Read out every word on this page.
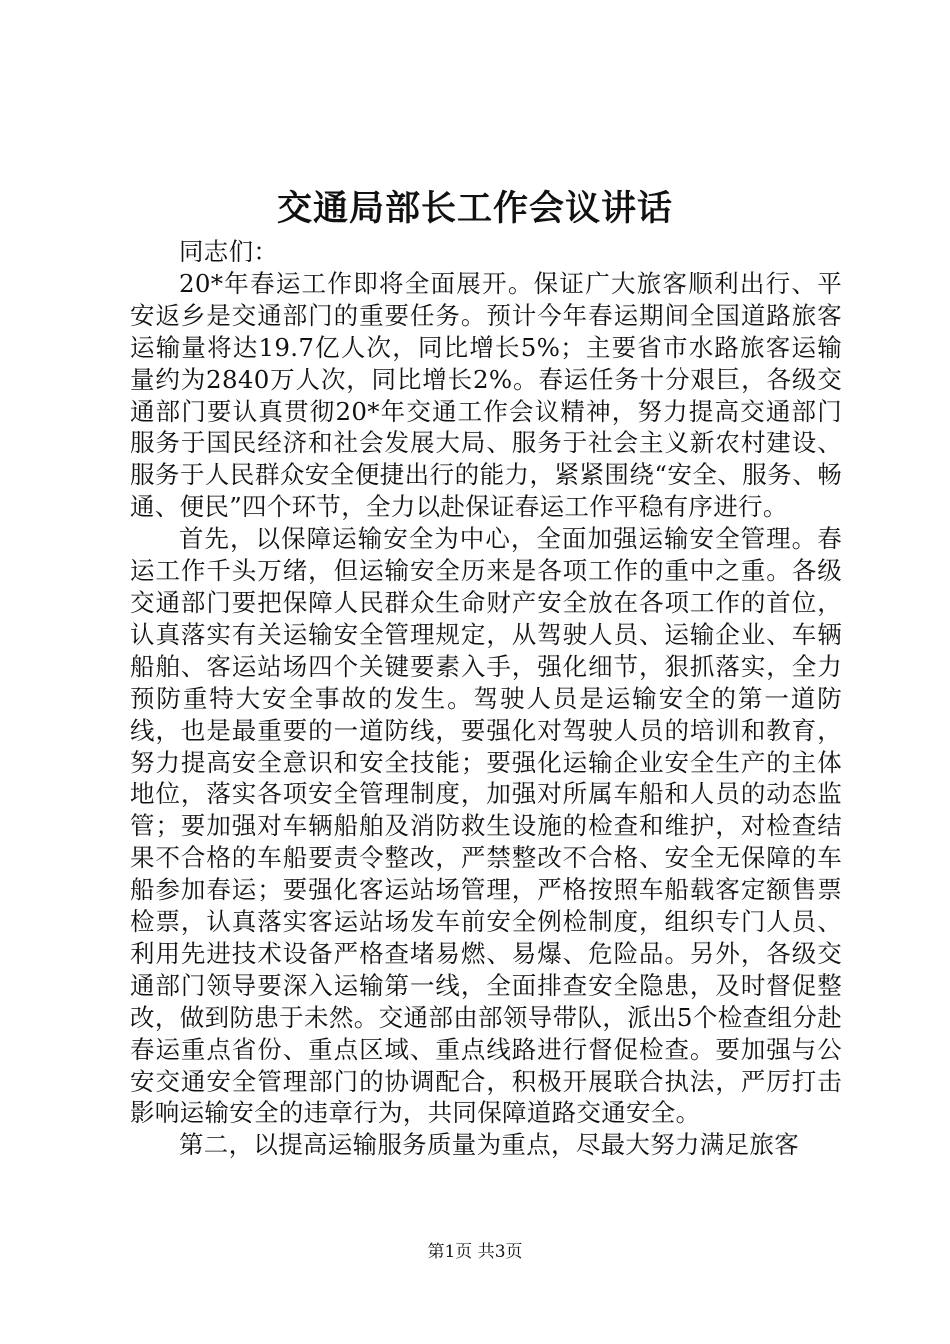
交通局部长工作会议讲话

同志们：

20*年春运工作即将全面展开。保证广大旅客顺利出行、平安返乡是交通部门的重要任务。预计今年春运期间全国道路旅客运输量将达19.7亿人次，同比增长5%；主要省市水路旅客运输量约为2840万人次，同比增长2%。春运任务十分艰巨，各级交通部门要认真贯彻20*年交通工作会议精神，努力提高交通部门服务于国民经济和社会发展大局、服务于社会主义新农村建设、服务于人民群众安全便捷出行的能力，紧紧围绕“安全、服务、畅通、便民”四个环节，全力以赴保证春运工作平稳有序进行。

首先，以保障运输安全为中心，全面加强运输安全管理。春运工作千头万绪，但运输安全历来是各项工作的重中之重。各级交通部门要把保障人民群众生命财产安全放在各项工作的首位，认真落实有关运输安全管理规定，从驾驶人员、运输企业、车辆船舶、客运站场四个关键要素入手，强化细节，狠抓落实，全力预防重特大安全事故的发生。驾驶人员是运输安全的第一道防线，也是最重要的一道防线，要强化对驾驶人员的培训和教育，努力提高安全意识和安全技能；要强化运输企业安全生产的主体地位，落实各项安全管理制度，加强对所属车船和人员的动态监管；要加强对车辆船舶及消防救生设施的检查和维护，对检查结果不合格的车船要责令整改，严禁整改不合格、安全无保障的车船参加春运；要强化客运站场管理，严格按照车船载客定额售票检票，认真落实客运站场发车前安全例检制度，组织专门人员、利用先进技术设备严格查堵易燃、易爆、危险品。另外，各级交通部门领导要深入运输第一线，全面排查安全隐患，及时督促整改，做到防患于未然。交通部由部领导带队，派出5个检查组分赴春运重点省份、重点区域、重点线路进行督促检查。要加强与公安交通安全管理部门的协调配合，积极开展联合执法，严厉打击影响运输安全的违章行为，共同保障道路交通安全。

第二，以提高运输服务质量为重点，尽最大努力满足旅客

第1页 共3页
